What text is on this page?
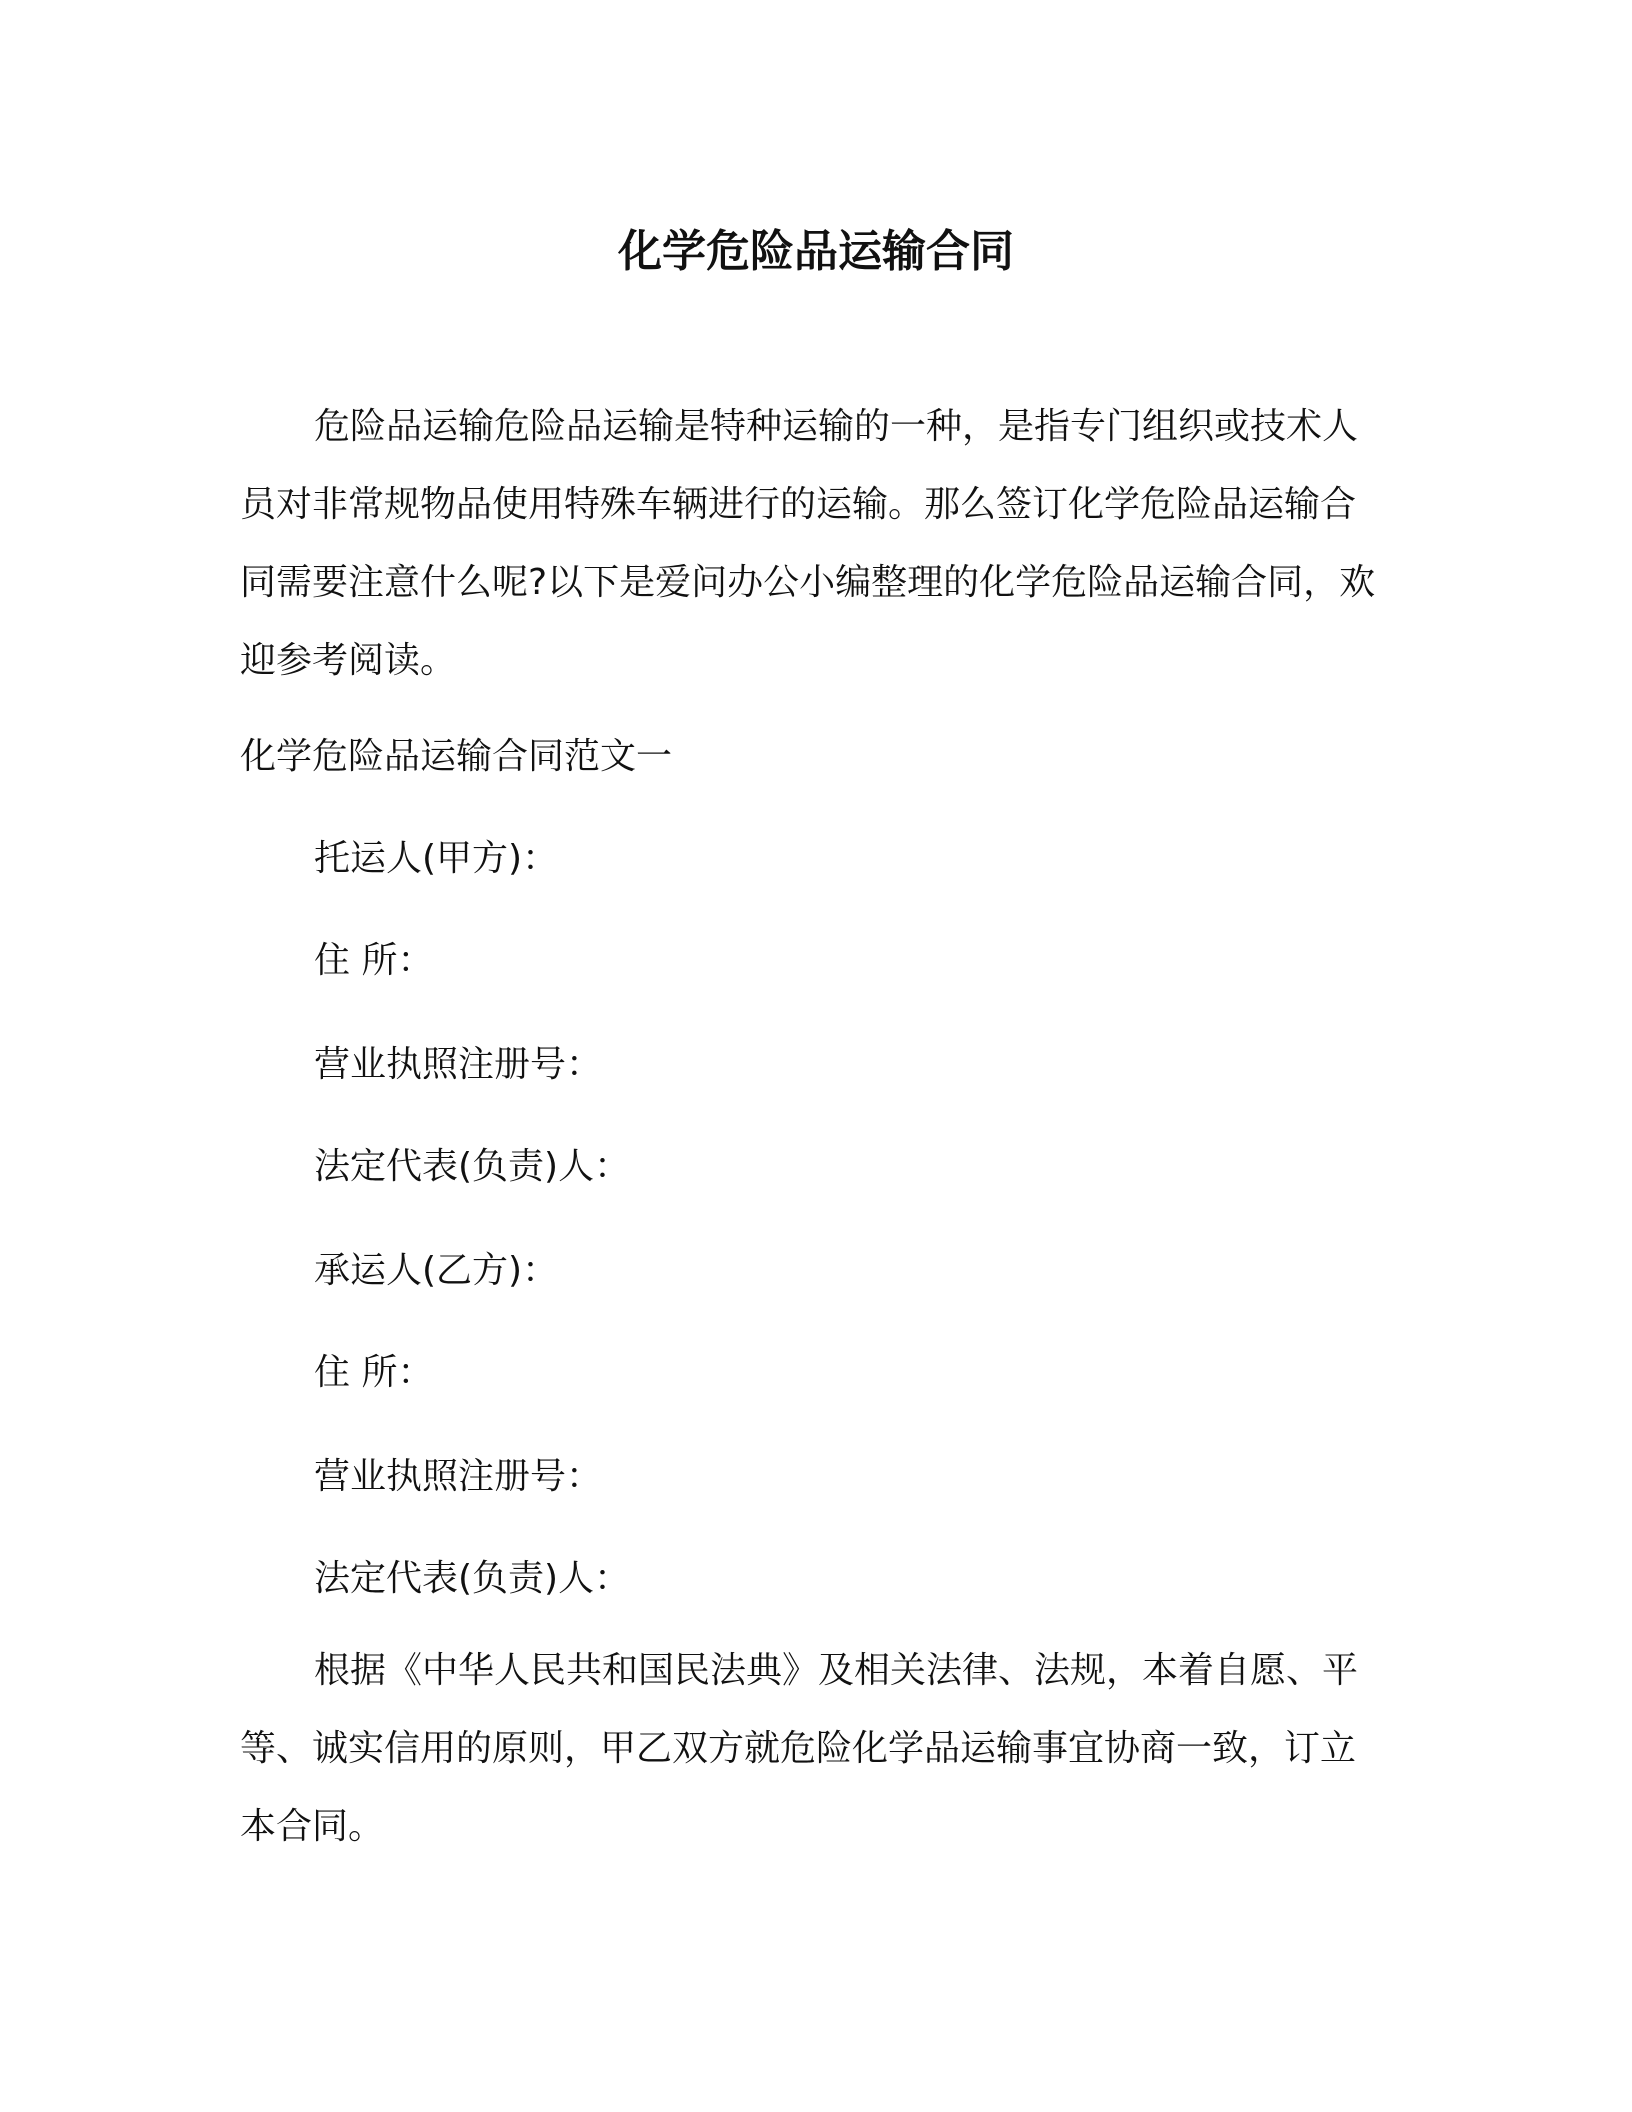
化学危险品运输合同

危险品运输危险品运输是特种运输的一种，是指专门组织或技术人员对非常规物品使用特殊车辆进行的运输。那么签订化学危险品运输合同需要注意什么呢?以下是爱问办公小编整理的化学危险品运输合同，欢迎参考阅读。

化学危险品运输合同范文一
托运人(甲方)：
住 所：
营业执照注册号：
法定代表(负责)人：
承运人(乙方)：
住 所：
营业执照注册号：
法定代表(负责)人：

根据《中华人民共和国民法典》及相关法律、法规，本着自愿、平等、诚实信用的原则，甲乙双方就危险化学品运输事宜协商一致，订立本合同。
